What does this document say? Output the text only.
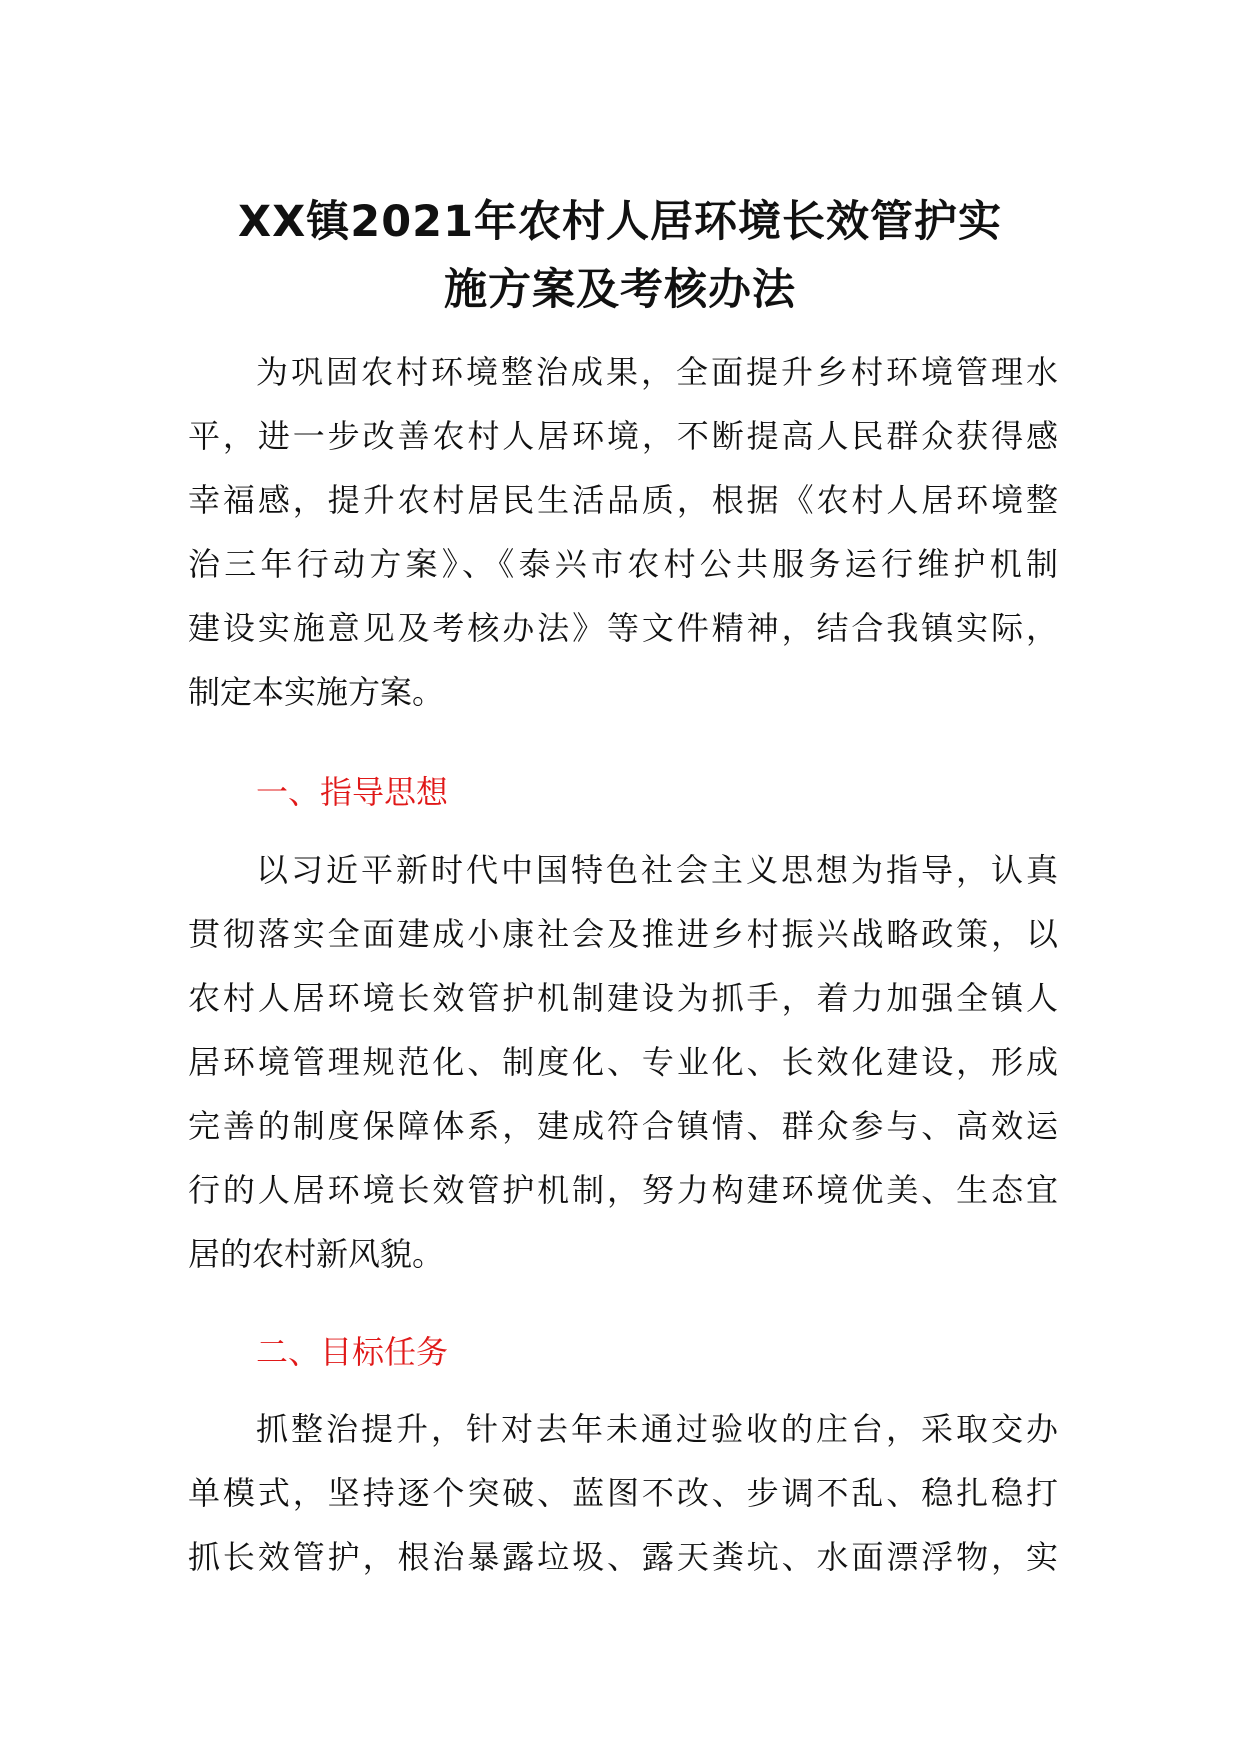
XX镇2021年农村人居环境长效管护实
施方案及考核办法
为巩固农村环境整治成果，全面提升乡村环境管理水
平，进一步改善农村人居环境，不断提高人民群众获得感
幸福感，提升农村居民生活品质，根据《农村人居环境整
治三年行动方案》、《泰兴市农村公共服务运行维护机制
建设实施意见及考核办法》等文件精神，结合我镇实际，
制定本实施方案。
一、指导思想
以习近平新时代中国特色社会主义思想为指导，认真
贯彻落实全面建成小康社会及推进乡村振兴战略政策，以
农村人居环境长效管护机制建设为抓手，着力加强全镇人
居环境管理规范化、制度化、专业化、长效化建设，形成
完善的制度保障体系，建成符合镇情、群众参与、高效运
行的人居环境长效管护机制，努力构建环境优美、生态宜
居的农村新风貌。
二、目标任务
抓整治提升，针对去年未通过验收的庄台，采取交办
单模式，坚持逐个突破、蓝图不改、步调不乱、稳扎稳打
抓长效管护，根治暴露垃圾、露天粪坑、水面漂浮物，实
